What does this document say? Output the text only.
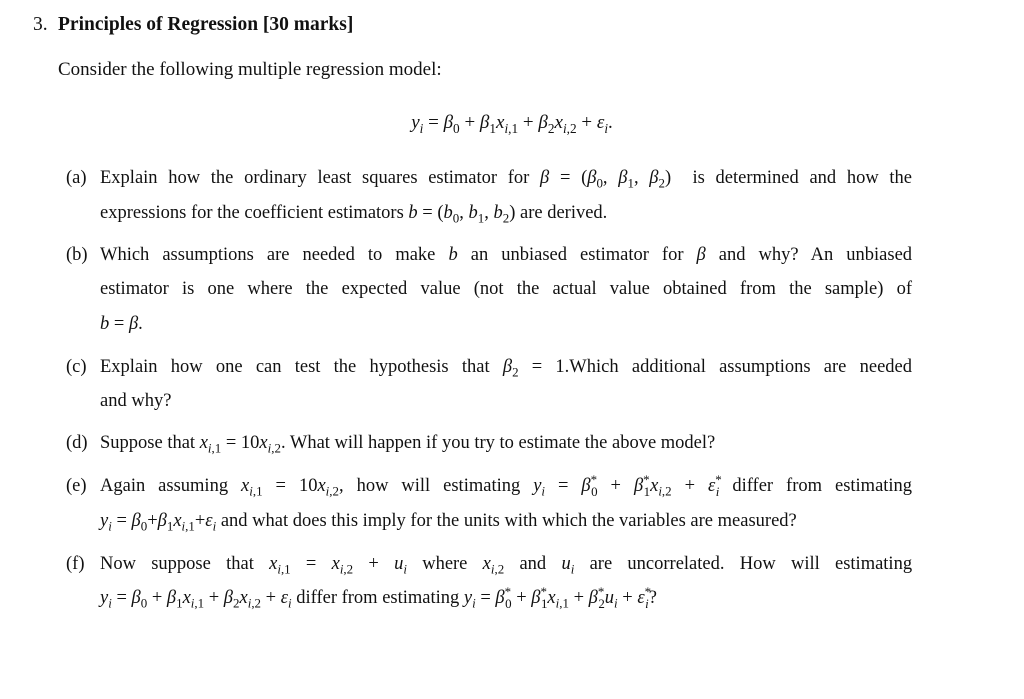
3. Principles of Regression [30 marks]
Consider the following multiple regression model:
$y_i = \beta_0 + \beta_1x_{i,1} + \beta_2x_{i,2} + \varepsilon_i$.
(a) Explain how the ordinary least squares estimator for $\beta = (\beta_0$, $\beta_1$, $\beta_2$)  is determined and how the
expressions for the coefficient estimators $b = (b_0$, $b_1$, $b_2$) are derived.
(b) Which assumptions are needed to make b an unbiased estimator for β and why? An unbiased
estimator is one where the expected value (not the actual value obtained from the sample) of
b = β.
(c) Explain how one can test the hypothesis that $\beta_2$ = 1.Which additional assumptions are needed
and why?
(d) Suppose that $x_{i,1} = 10x_{i,2}$. What will happen if you try to estimate the above model?
(e) Again assuming $x_{i,1} = 10x_{i,2}$, how will estimating $y_i = \beta^*_0 + \beta^*_1x_{i,2} + \varepsilon^*_i$ differ from estimating
$y_i = \beta_0+\beta_1x_{i,1}+\varepsilon_i$ and what does this imply for the units with which the variables are measured?
(f) Now suppose that $x_{i,1} = x_{i,2} + u_i$ where $x_{i,2}$ and $u_i$ are uncorrelated. How will estimating
$y_i = \beta_0 + \beta_1x_{i,1} + \beta_2x_{i,2} + \varepsilon_i$ differ from estimating $y_i = \beta^*_0 + \beta^*_1x_{i,1} + \beta^*_2u_i + \varepsilon^*_i$?
